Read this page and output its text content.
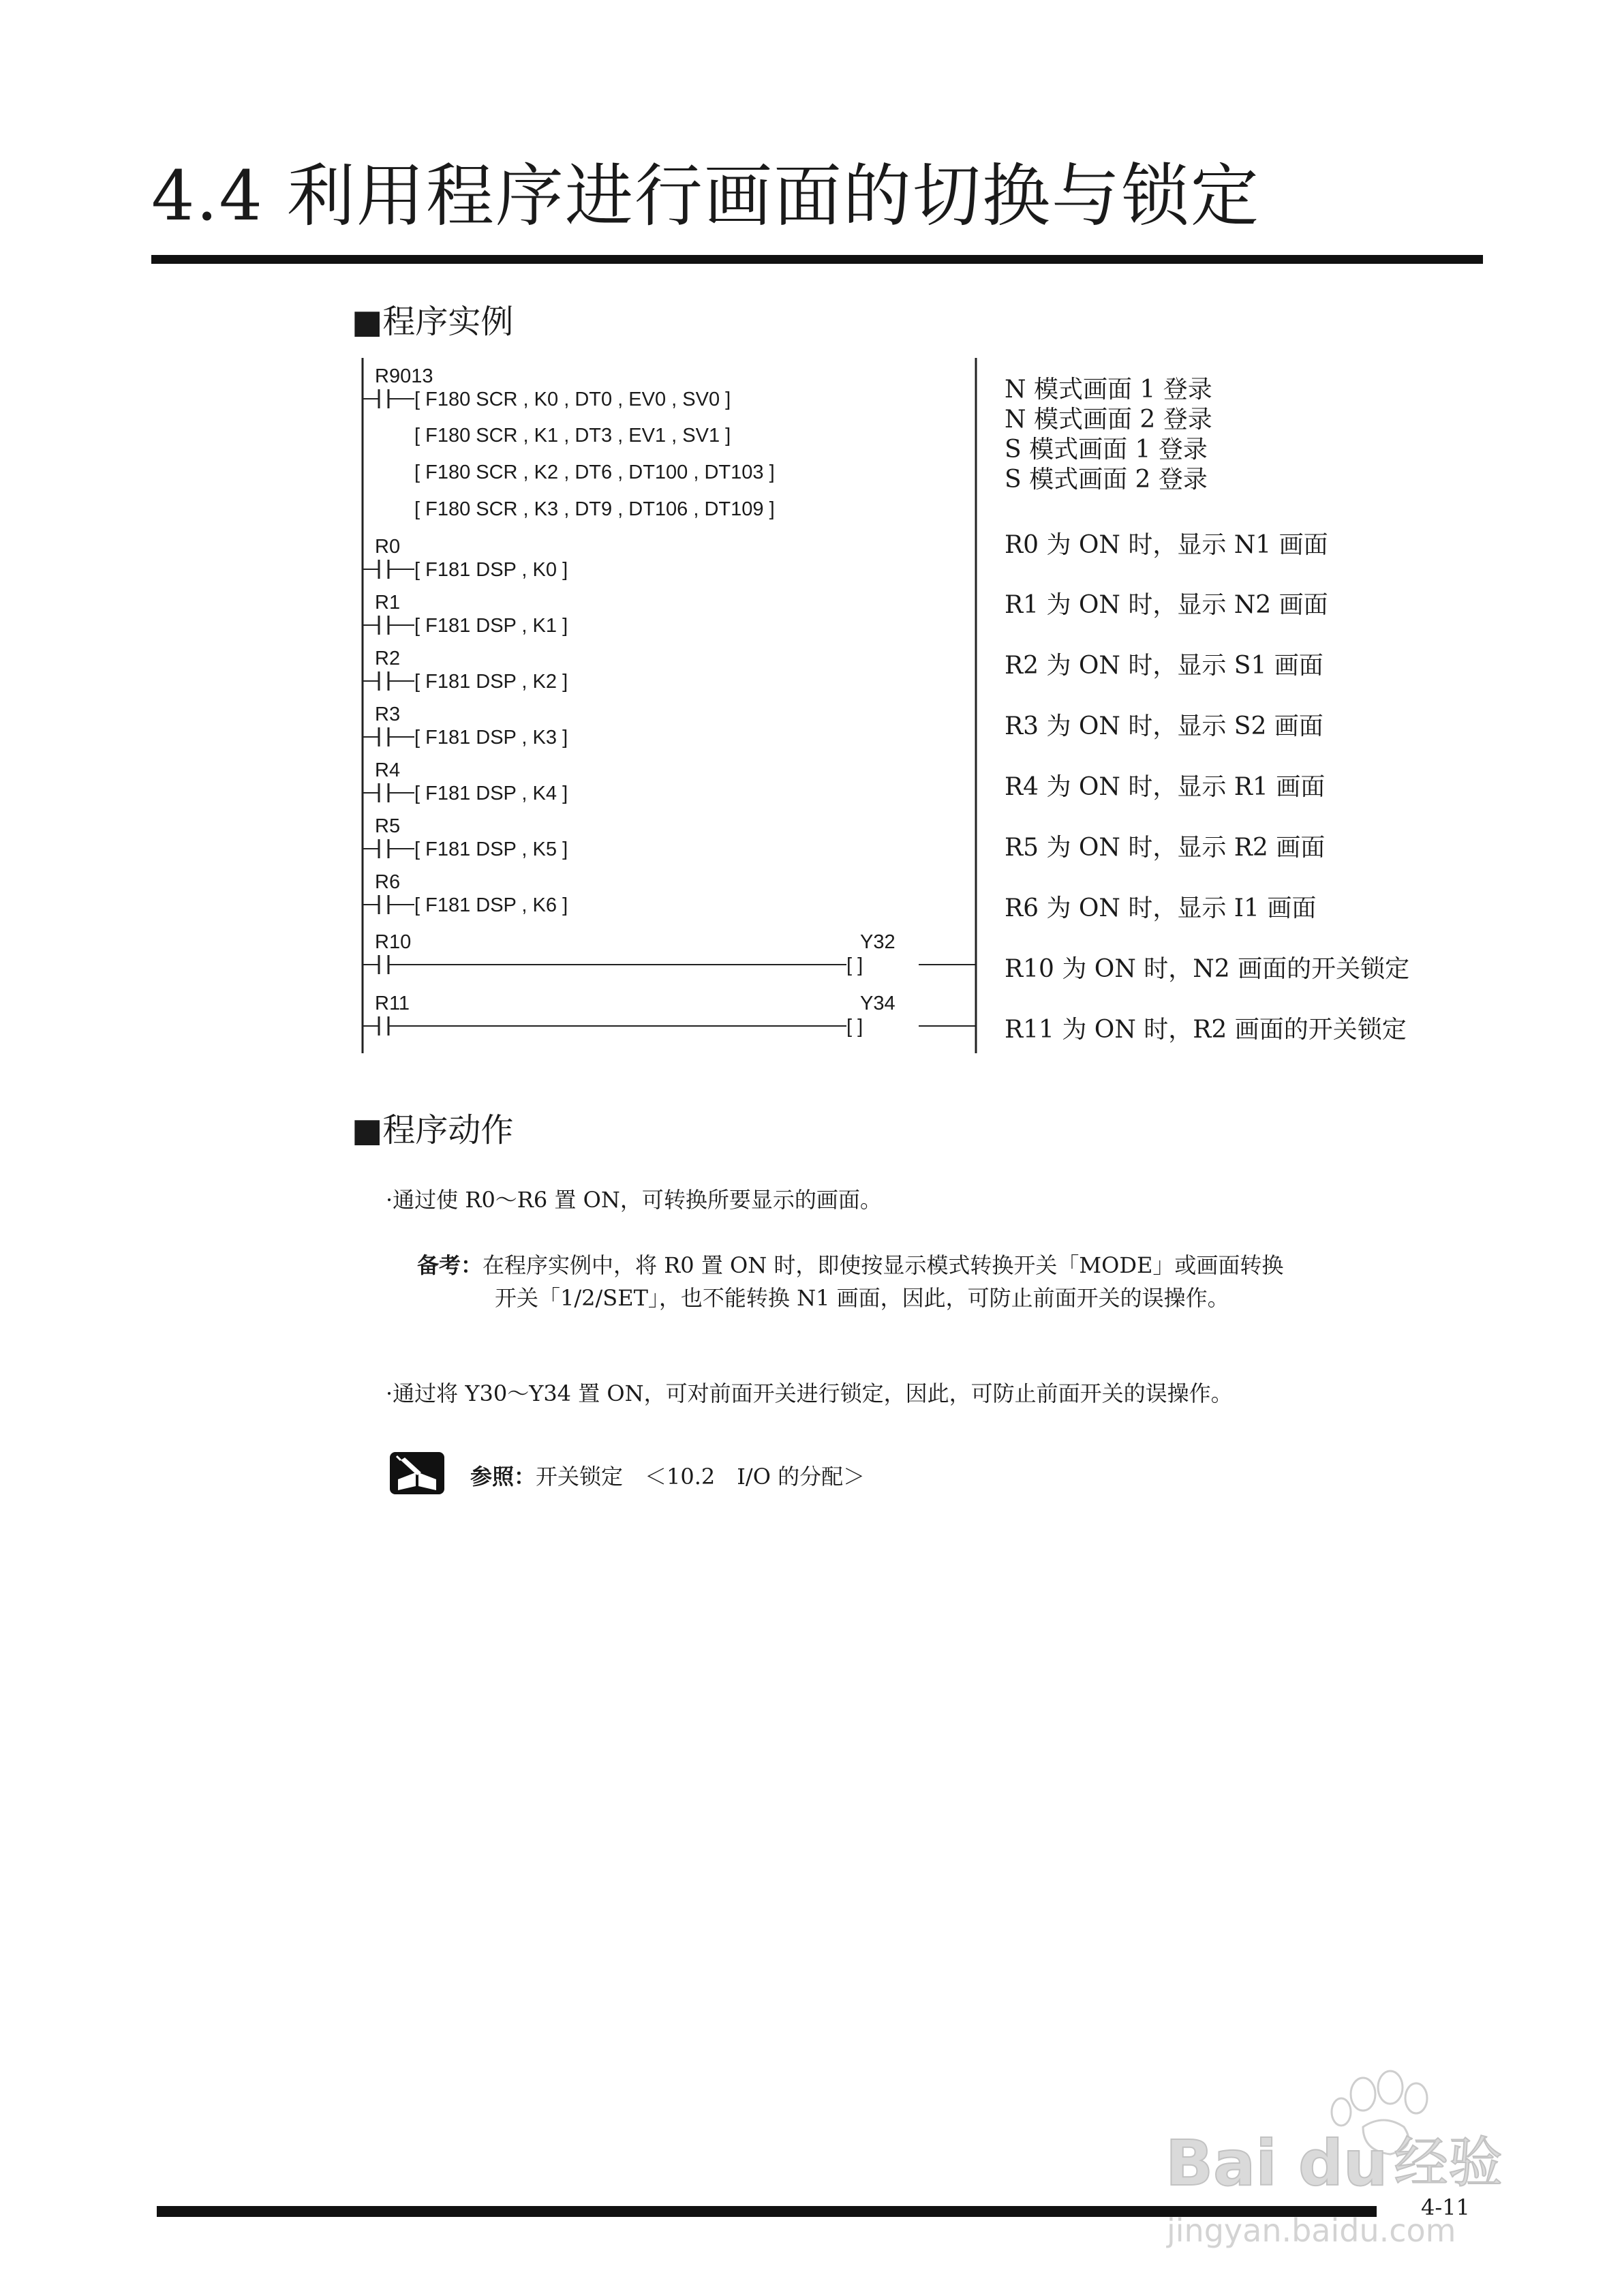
4.4 利用程序进行画面的切换与锁定
■程序实例
R9013
[ F180 SCR , K0 , DT0 , EV0 , SV0 ]
[ F180 SCR , K1 , DT3 , EV1 , SV1 ]
[ F180 SCR , K2 , DT6 , DT100 , DT103 ]
[ F180 SCR , K3 , DT9 , DT106 , DT109 ]
R0
[ F181 DSP , K0 ]
R1
[ F181 DSP , K1 ]
R2
[ F181 DSP , K2 ]
R3
[ F181 DSP , K3 ]
R4
[ F181 DSP , K4 ]
R5
[ F181 DSP , K5 ]
R6
[ F181 DSP , K6 ]
R10
[ ]
Y32
R11
[ ]
Y34
N 模式画面 1 登录
N 模式画面 2 登录
S 模式画面 1 登录
S 模式画面 2 登录
R0 为 ON 时，显示 N1 画面
R1 为 ON 时，显示 N2 画面
R2 为 ON 时，显示 S1 画面
R3 为 ON 时，显示 S2 画面
R4 为 ON 时，显示 R1 画面
R5 为 ON 时，显示 R2 画面
R6 为 ON 时，显示 I1 画面
R10 为 ON 时，N2 画面的开关锁定
R11 为 ON 时，R2 画面的开关锁定
■程序动作
·通过使 R0～R6 置 ON，可转换所要显示的画面。
备考：在程序实例中，将 R0 置 ON 时，即使按显示模式转换开关「MODE」或画面转换
开关「1/2/SET」，也不能转换 N1 画面，因此，可防止前面开关的误操作。
·通过将 Y30～Y34 置 ON，可对前面开关进行锁定，因此，可防止前面开关的误操作。
参照：开关锁定　＜10.2　I/O 的分配＞
4-11
Bai du 经验
jingyan.baidu.com
